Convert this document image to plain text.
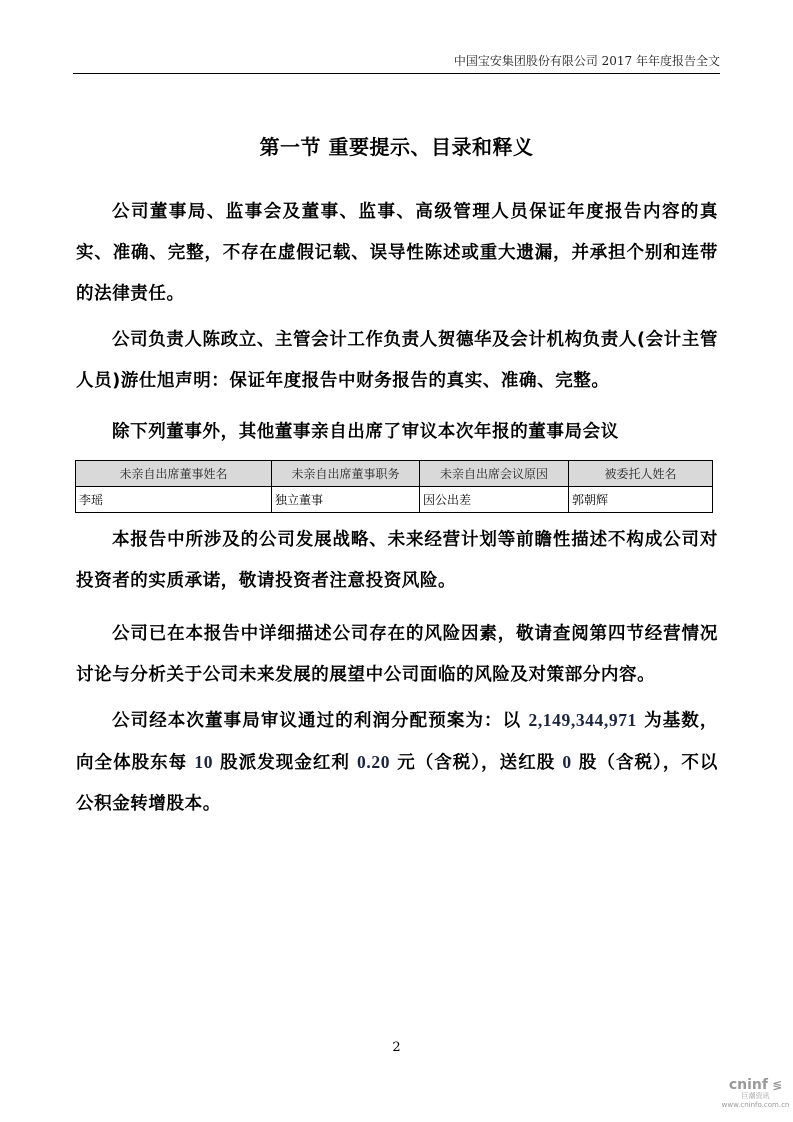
中国宝安集团股份有限公司 2017 年年度报告全文
第一节 重要提示、目录和释义
公司董事局、监事会及董事、监事、高级管理人员保证年度报告内容的真实、准确、完整，不存在虚假记载、误导性陈述或重大遗漏，并承担个别和连带的法律责任。
公司负责人陈政立、主管会计工作负责人贺德华及会计机构负责人(会计主管人员)游仕旭声明：保证年度报告中财务报告的真实、准确、完整。
除下列董事外，其他董事亲自出席了审议本次年报的董事局会议
未亲自出席董事姓名	未亲自出席董事职务	未亲自出席会议原因	被委托人姓名
李瑶	独立董事	因公出差	郭朝辉
本报告中所涉及的公司发展战略、未来经营计划等前瞻性描述不构成公司对投资者的实质承诺，敬请投资者注意投资风险。
公司已在本报告中详细描述公司存在的风险因素，敬请查阅第四节经营情况讨论与分析关于公司未来发展的展望中公司面临的风险及对策部分内容。
公司经本次董事局审议通过的利润分配预案为：以 2,149,344,971 为基数，向全体股东每 10 股派发现金红利 0.20 元（含税），送红股 0 股（含税），不以公积金转增股本。
2
cninf ≶
巨潮资讯
www.cninfo.com.cn
